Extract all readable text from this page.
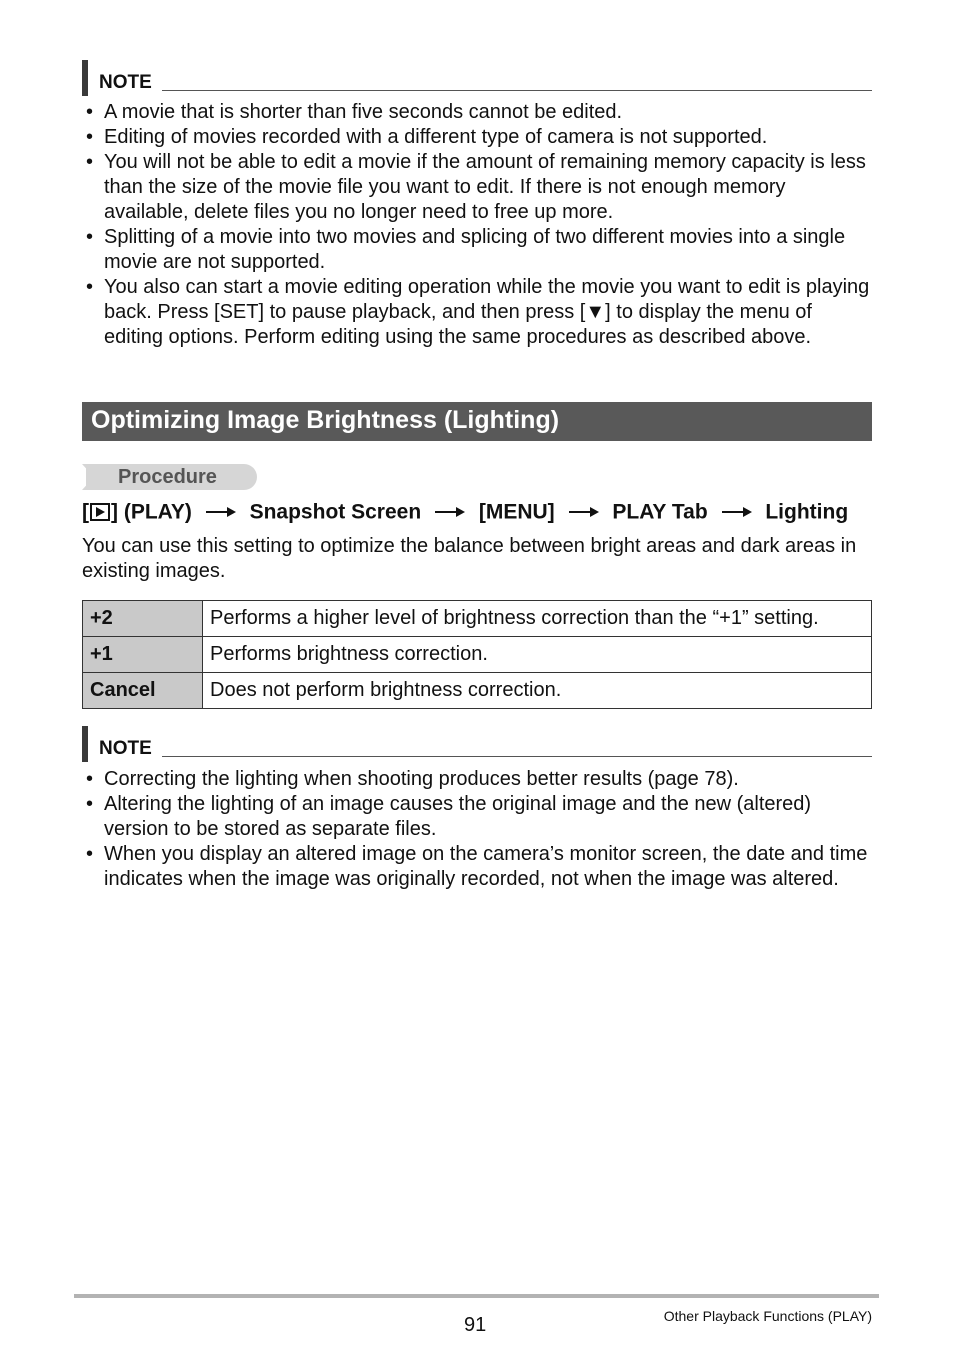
NOTE
• A movie that is shorter than five seconds cannot be edited.
• Editing of movies recorded with a different type of camera is not supported.
• You will not be able to edit a movie if the amount of remaining memory capacity is less than the size of the movie file you want to edit. If there is not enough memory available, delete files you no longer need to free up more.
• Splitting of a movie into two movies and splicing of two different movies into a single movie are not supported.
• You also can start a movie editing operation while the movie you want to edit is playing back. Press [SET] to pause playback, and then press [▼] to display the menu of editing options. Perform editing using the same procedures as described above.
Optimizing Image Brightness (Lighting)
Procedure
[ ] (PLAY)	Snapshot Screen	[MENU]	PLAY Tab	Lighting

You can use this setting to optimize the balance between bright areas and dark areas in existing images.

+2	Performs a higher level of brightness correction than the “+1” setting.
+1	Performs brightness correction.
Cancel	Does not perform brightness correction.
NOTE
• Correcting the lighting when shooting produces better results (page 78).
• Altering the lighting of an image causes the original image and the new (altered) version to be stored as separate files.
• When you display an altered image on the camera’s monitor screen, the date and time indicates when the image was originally recorded, not when the image was altered.
91	Other Playback Functions (PLAY)
